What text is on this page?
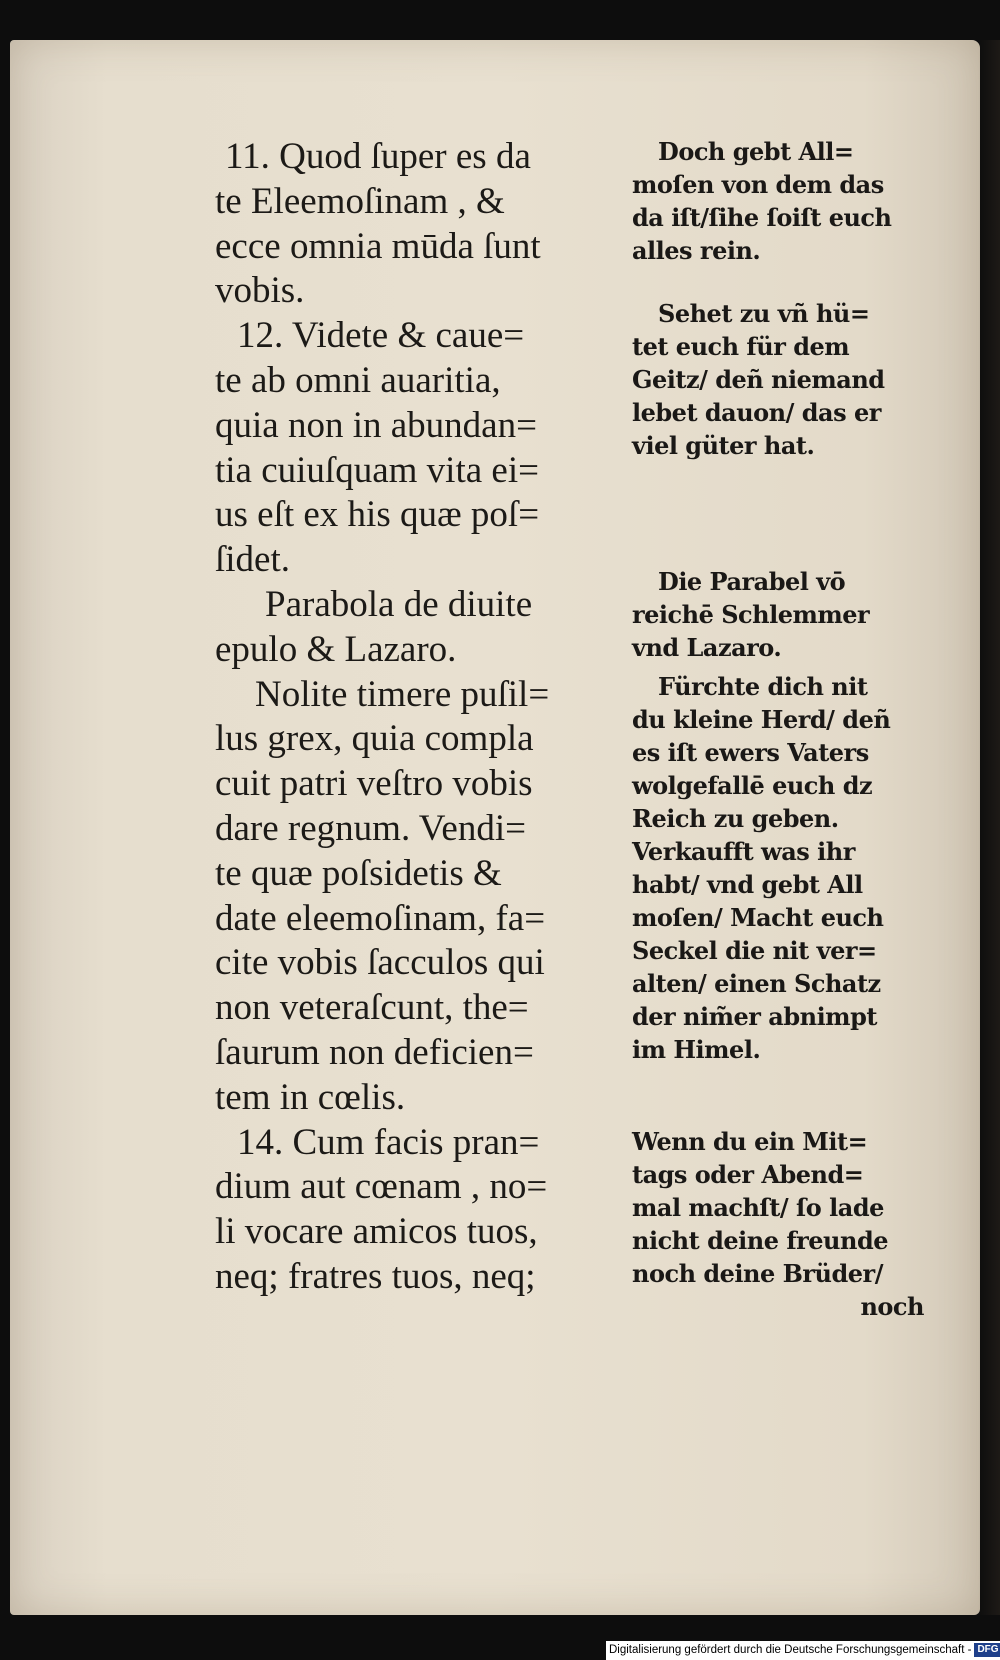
11. Quod ſuper es da
te Eleemoſinam , &
ecce omnia mūda ſunt
vobis.
12. Videte & caue=
te ab omni auaritia,
quia non in abundan=
tia cuiuſquam vita ei=
us eſt ex his quæ poſ=
ſidet.
Parabola de diuite
epulo & Lazaro.
Nolite timere puſil=
lus grex, quia compla
cuit patri veſtro vobis
dare regnum. Vendi=
te quæ poſsidetis &
date eleemoſinam, fa=
cite vobis ſacculos qui
non veteraſcunt, the=
ſaurum non deficien=
tem in cœlis.
14. Cum facis pran=
dium aut cœnam , no=
li vocare amicos tuos,
neq; fratres tuos, neq;
Doch gebt All=
moſen von dem das
da iſt/ſihe ſoiſt euch
alles rein.
Sehet zu vñ hü=
tet euch für dem
Geitz/ deñ niemand
lebet dauon/ das er
viel güter hat.
Die Parabel vō
reichē Schlemmer
vnd Lazaro.
Fürchte dich nit
du kleine Herd/ deñ
es iſt ewers Vaters
wolgefallē euch dz
Reich zu geben.
Verkaufft was ihr
habt/ vnd gebt All
moſen/ Macht euch
Seckel die nit ver=
alten/ einen Schatz
der nim̃er abnimpt
im Himel.
Wenn du ein Mit=
tags oder Abend=
mal machſt/ ſo lade
nicht deine freunde
noch deine Brüder/
noch
Digitalisierung gefördert durch die Deutsche Forschungsgemeinschaft - DFG
